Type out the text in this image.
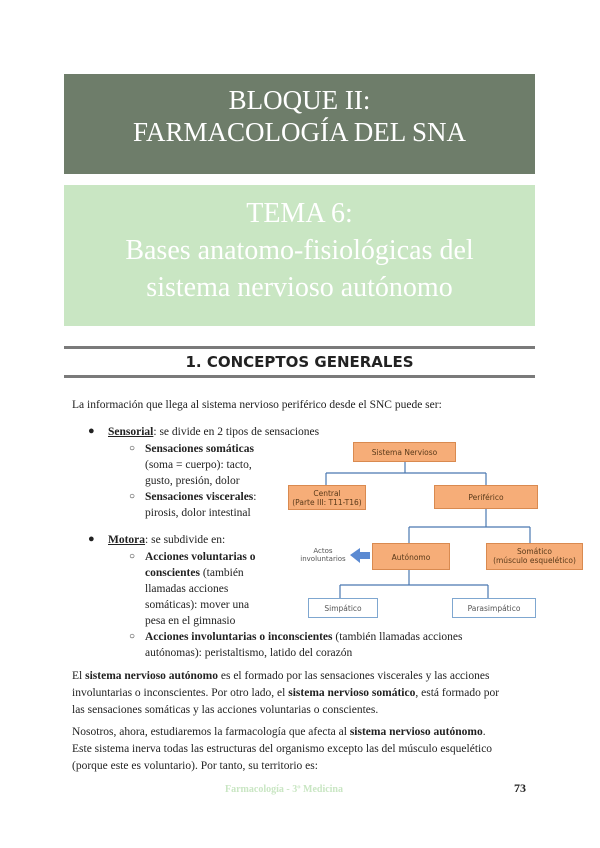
BLOQUE II:
FARMACOLOGÍA DEL SNA
TEMA 6:
Bases anatomo-fisiológicas del
sistema nervioso autónomo
1. CONCEPTOS GENERALES
La información que llega al sistema nervioso periférico desde el SNC puede ser:
● Sensorial: se divide en 2 tipos de sensaciones
○ Sensaciones somáticas
(soma = cuerpo): tacto,
gusto, presión, dolor
○ Sensaciones viscerales:
pirosis, dolor intestinal
● Motora: se subdivide en:
○ Acciones voluntarias o
conscientes (también
llamadas acciones
somáticas): mover una
pesa en el gimnasio
○ Acciones involuntarias o inconscientes (también llamadas acciones
autónomas): peristaltismo, latido del corazón
Sistema Nervioso
Central
(Parte III: T11-T16)
Periférico
Autónomo
Somático
(músculo esquelético)
Actos
involuntarios
Simpático	Parasimpático
El sistema nervioso autónomo es el formado por las sensaciones viscerales y las acciones
involuntarias o inconscientes. Por otro lado, el sistema nervioso somático, está formado por
las sensaciones somáticas y las acciones voluntarias o conscientes.
Nosotros, ahora, estudiaremos la farmacología que afecta al sistema nervioso autónomo.
Este sistema inerva todas las estructuras del organismo excepto las del músculo esquelético
(porque este es voluntario). Por tanto, su territorio es:
Farmacología - 3º Medicina	73
